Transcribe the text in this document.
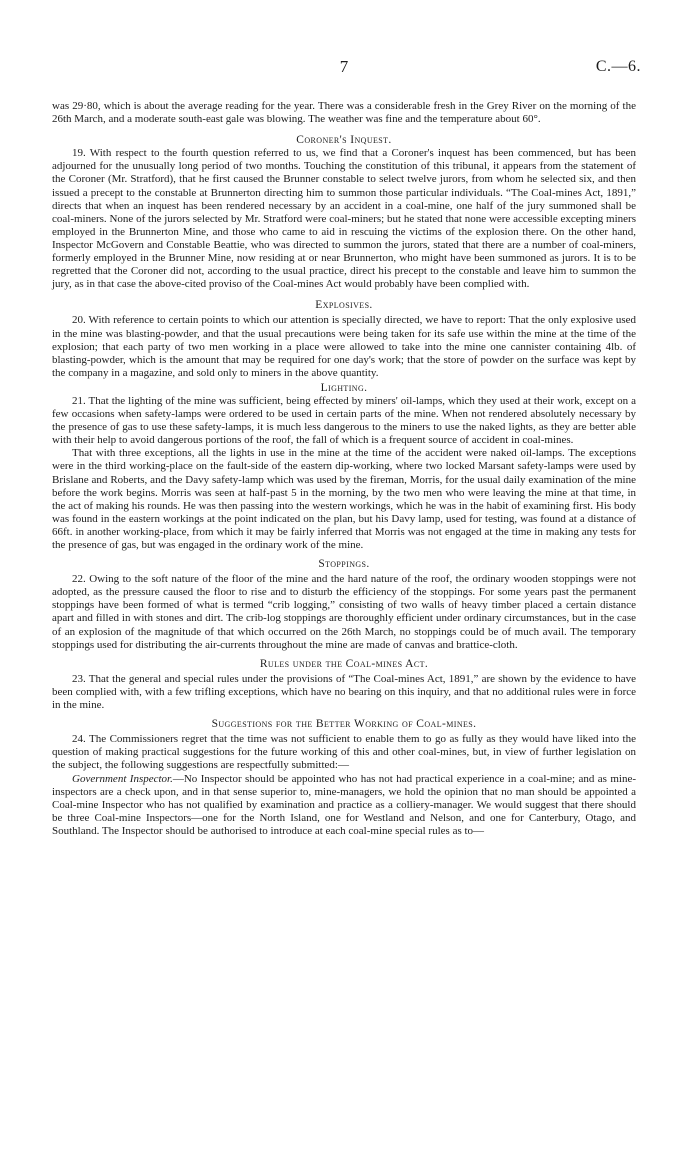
7	C.—6.

was 29·80, which is about the average reading for the year. There was a considerable fresh in the Grey River on the morning of the 26th March, and a moderate south-east gale was blowing. The weather was fine and the temperature about 60°.

Coroner's Inquest.

19. With respect to the fourth question referred to us, we find that a Coroner's inquest has been commenced, but has been adjourned for the unusually long period of two months. Touching the constitution of this tribunal, it appears from the statement of the Coroner (Mr. Stratford), that he first caused the Brunner constable to select twelve jurors, from whom he selected six, and then issued a precept to the constable at Brunnerton directing him to summon those particular individuals. “The Coal-mines Act, 1891,” directs that when an inquest has been rendered necessary by an accident in a coal-mine, one half of the jury summoned shall be coal-miners. None of the jurors selected by Mr. Stratford were coal-miners; but he stated that none were accessible excepting miners employed in the Brunnerton Mine, and those who came to aid in rescuing the victims of the explosion there. On the other hand, Inspector McGovern and Constable Beattie, who was directed to summon the jurors, stated that there are a number of coal-miners, formerly employed in the Brunner Mine, now residing at or near Brunnerton, who might have been summoned as jurors. It is to be regretted that the Coroner did not, according to the usual practice, direct his precept to the constable and leave him to summon the jury, as in that case the above-cited proviso of the Coal-mines Act would probably have been complied with.

Explosives.

20. With reference to certain points to which our attention is specially directed, we have to report: That the only explosive used in the mine was blasting-powder, and that the usual precautions were being taken for its safe use within the mine at the time of the explosion; that each party of two men working in a place were allowed to take into the mine one cannister containing 4lb. of blasting-powder, which is the amount that may be required for one day's work; that the store of powder on the surface was kept by the company in a magazine, and sold only to miners in the above quantity.

Lighting.

21. That the lighting of the mine was sufficient, being effected by miners' oil-lamps, which they used at their work, except on a few occasions when safety-lamps were ordered to be used in certain parts of the mine. When not rendered absolutely necessary by the presence of gas to use these safety-lamps, it is much less dangerous to the miners to use the naked lights, as they are better able with their help to avoid dangerous portions of the roof, the fall of which is a frequent source of accident in coal-mines.

That with three exceptions, all the lights in use in the mine at the time of the accident were naked oil-lamps. The exceptions were in the third working-place on the fault-side of the eastern dip-working, where two locked Marsant safety-lamps were used by Brislane and Roberts, and the Davy safety-lamp which was used by the fireman, Morris, for the usual daily examination of the mine before the work begins. Morris was seen at half-past 5 in the morning, by the two men who were leaving the mine at that time, in the act of making his rounds. He was then passing into the western workings, which he was in the habit of examining first. His body was found in the eastern workings at the point indicated on the plan, but his Davy lamp, used for testing, was found at a distance of 66ft. in another working-place, from which it may be fairly inferred that Morris was not engaged at the time in making any tests for the presence of gas, but was engaged in the ordinary work of the mine.

Stoppings.

22. Owing to the soft nature of the floor of the mine and the hard nature of the roof, the ordinary wooden stoppings were not adopted, as the pressure caused the floor to rise and to disturb the efficiency of the stoppings. For some years past the permanent stoppings have been formed of what is termed “crib logging,” consisting of two walls of heavy timber placed a certain distance apart and filled in with stones and dirt. The crib-log stoppings are thoroughly efficient under ordinary circumstances, but in the case of an explosion of the magnitude of that which occurred on the 26th March, no stoppings could be of much avail. The temporary stoppings used for distributing the air-currents throughout the mine are made of canvas and brattice-cloth.

Rules under the Coal-mines Act.

23. That the general and special rules under the provisions of “The Coal-mines Act, 1891,” are shown by the evidence to have been complied with, with a few trifling exceptions, which have no bearing on this inquiry, and that no additional rules were in force in the mine.

Suggestions for the Better Working of Coal-mines.

24. The Commissioners regret that the time was not sufficient to enable them to go as fully as they would have liked into the question of making practical suggestions for the future working of this and other coal-mines, but, in view of further legislation on the subject, the following suggestions are respectfully submitted:—

Government Inspector.—No Inspector should be appointed who has not had practical experience in a coal-mine; and as mine-inspectors are a check upon, and in that sense superior to, mine-managers, we hold the opinion that no man should be appointed a Coal-mine Inspector who has not qualified by examination and practice as a colliery-manager. We would suggest that there should be three Coal-mine Inspectors—one for the North Island, one for Westland and Nelson, and one for Canterbury, Otago, and Southland. The Inspector should be authorised to introduce at each coal-mine special rules as to—
